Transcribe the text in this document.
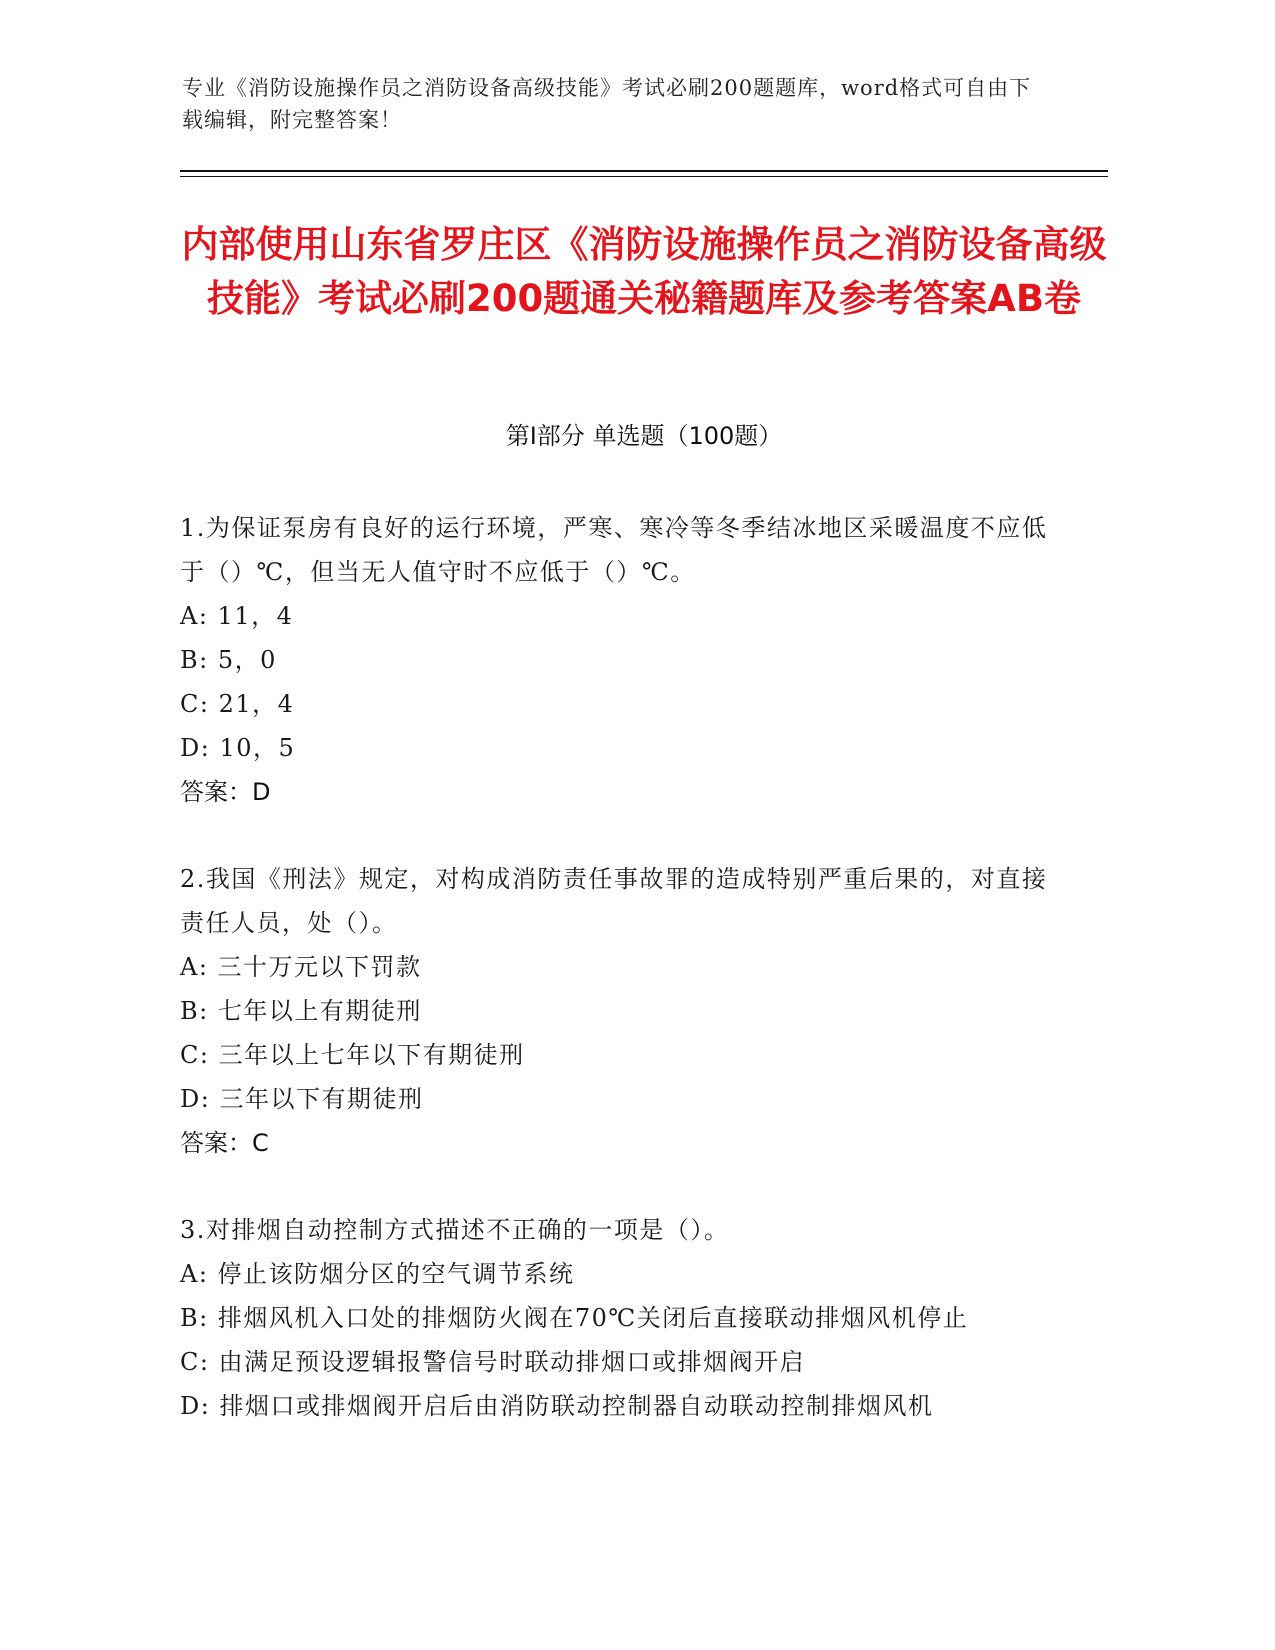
专业《消防设施操作员之消防设备高级技能》考试必刷200题题库，word格式可自由下载编辑，附完整答案！
内部使用山东省罗庄区《消防设施操作员之消防设备高级技能》考试必刷200题通关秘籍题库及参考答案AB卷
第Ⅰ部分 单选题（100题）
1.为保证泵房有良好的运行环境，严寒、寒冷等冬季结冰地区采暖温度不应低于（）℃，但当无人值守时不应低于（）℃。
A: 11，4
B: 5，0
C: 21，4
D: 10，5
答案：D
2.我国《刑法》规定，对构成消防责任事故罪的造成特别严重后果的，对直接责任人员，处（）。
A: 三十万元以下罚款
B: 七年以上有期徒刑
C: 三年以上七年以下有期徒刑
D: 三年以下有期徒刑
答案：C
3.对排烟自动控制方式描述不正确的一项是（）。
A: 停止该防烟分区的空气调节系统
B: 排烟风机入口处的排烟防火阀在70℃关闭后直接联动排烟风机停止
C: 由满足预设逻辑报警信号时联动排烟口或排烟阀开启
D: 排烟口或排烟阀开启后由消防联动控制器自动联动控制排烟风机
